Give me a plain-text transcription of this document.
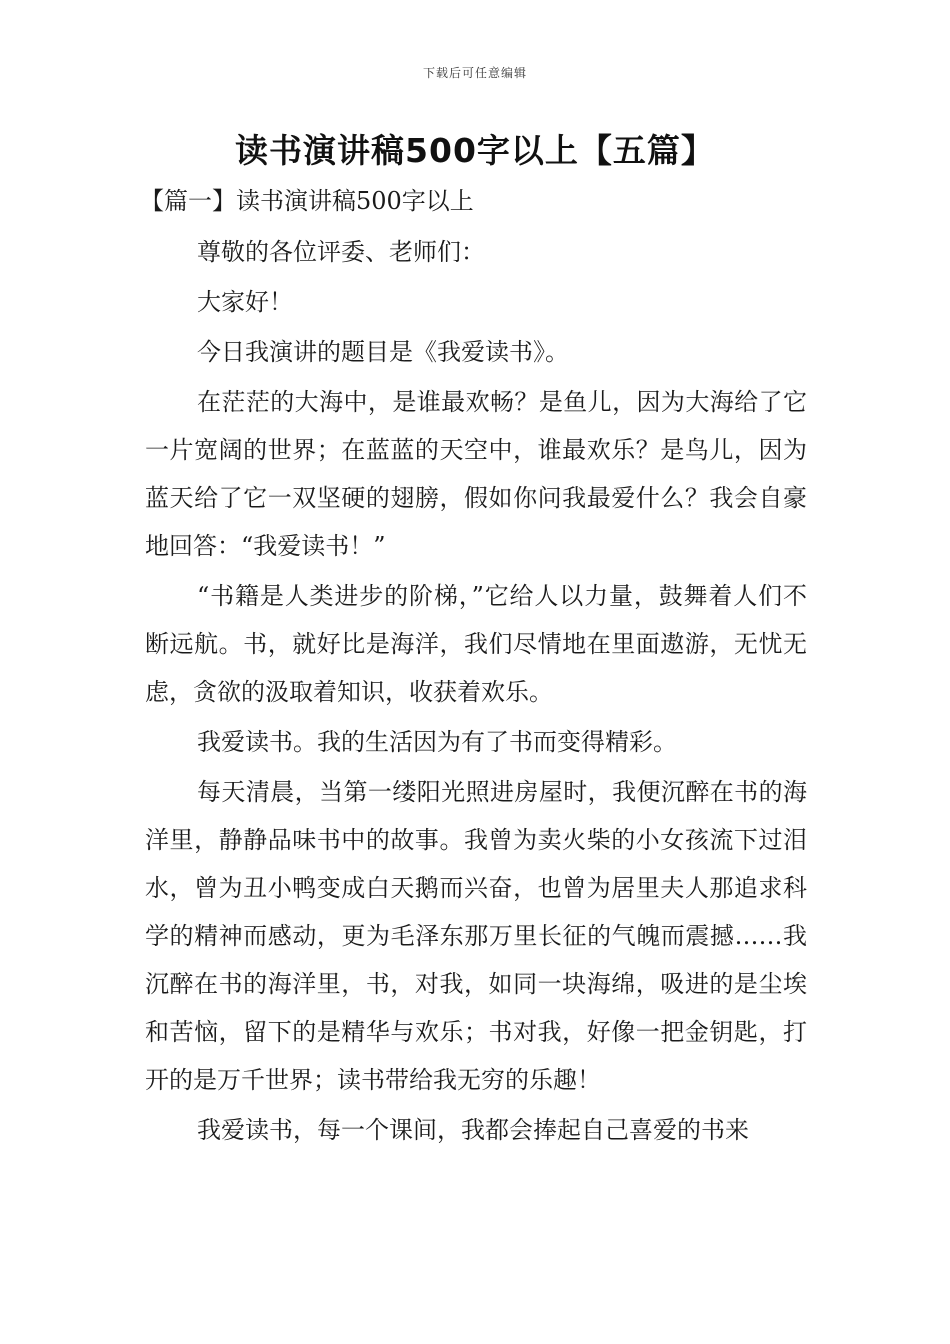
下载后可任意编辑
读书演讲稿500字以上【五篇】
【篇一】读书演讲稿500字以上

尊敬的各位评委、老师们：

大家好！

今日我演讲的题目是《我爱读书》。

在茫茫的大海中，是谁最欢畅？是鱼儿，因为大海给了它一片宽阔的世界；在蓝蓝的天空中，谁最欢乐？是鸟儿，因为蓝天给了它一双坚硬的翅膀，假如你问我最爱什么？我会自豪地回答：“我爱读书！”

“书籍是人类进步的阶梯，”它给人以力量，鼓舞着人们不断远航。书，就好比是海洋，我们尽情地在里面遨游，无忧无虑，贪欲的汲取着知识，收获着欢乐。

我爱读书。我的生活因为有了书而变得精彩。

每天清晨，当第一缕阳光照进房屋时，我便沉醉在书的海洋里，静静品味书中的故事。我曾为卖火柴的小女孩流下过泪水，曾为丑小鸭变成白天鹅而兴奋，也曾为居里夫人那追求科学的精神而感动，更为毛泽东那万里长征的气魄而震撼……我沉醉在书的海洋里，书，对我，如同一块海绵，吸进的是尘埃和苦恼，留下的是精华与欢乐；书对我，好像一把金钥匙，打开的是万千世界；读书带给我无穷的乐趣！

我爱读书，每一个课间，我都会捧起自己喜爱的书来
